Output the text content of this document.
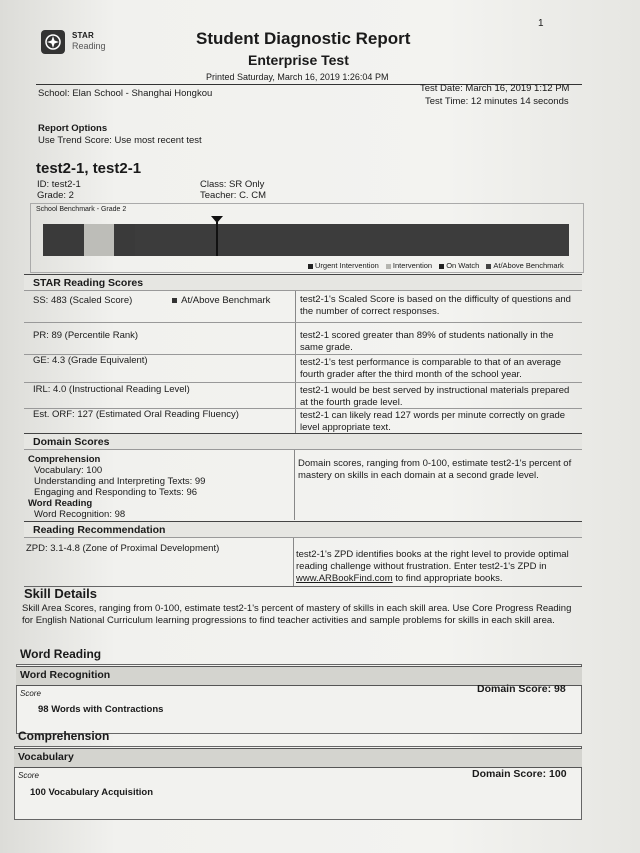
STAR
Reading
1
Student Diagnostic Report
Enterprise Test
Printed Saturday, March 16, 2019 1:26:04 PM
School: Elan School - Shanghai Hongkou	Test Date: March 16, 2019 1:12 PM
Test Time: 12 minutes 14 seconds
Report Options
Use Trend Score: Use most recent test
test2-1, test2-1
ID: test2-1
Grade: 2
Class: SR Only
Teacher: C. CM
School Benchmark - Grade 2
Urgent Intervention Intervention On Watch At/Above Benchmark
STAR Reading Scores
SS: 483 (Scaled Score)	At/Above Benchmark	test2-1's Scaled Score is based on the difficulty of questions and the number of correct responses.
PR: 89 (Percentile Rank)	test2-1 scored greater than 89% of students nationally in the same grade.
GE: 4.3 (Grade Equivalent)	test2-1's test performance is comparable to that of an average fourth grader after the third month of the school year.
IRL: 4.0 (Instructional Reading Level)	test2-1 would be best served by instructional materials prepared at the fourth grade level.
Est. ORF: 127 (Estimated Oral Reading Fluency)	test2-1 can likely read 127 words per minute correctly on grade level appropriate text.
Domain Scores
Comprehension
Vocabulary: 100
Understanding and Interpreting Texts: 99
Engaging and Responding to Texts: 96
Word Reading
Word Recognition: 98
Domain scores, ranging from 0-100, estimate test2-1's percent of mastery on skills in each domain at a second grade level.
Reading Recommendation
ZPD: 3.1-4.8 (Zone of Proximal Development)
test2-1's ZPD identifies books at the right level to provide optimal reading challenge without frustration. Enter test2-1's ZPD in www.ARBookFind.com to find appropriate books.
Skill Details
Skill Area Scores, ranging from 0-100, estimate test2-1's percent of mastery of skills in each skill area. Use Core Progress Reading for English National Curriculum learning progressions to find teacher activities and sample problems for skills in each skill area.
Word Reading
Word Recognition
Domain Score: 98
Score
98 Words with Contractions
Comprehension
Vocabulary
Domain Score: 100
Score
100 Vocabulary Acquisition
